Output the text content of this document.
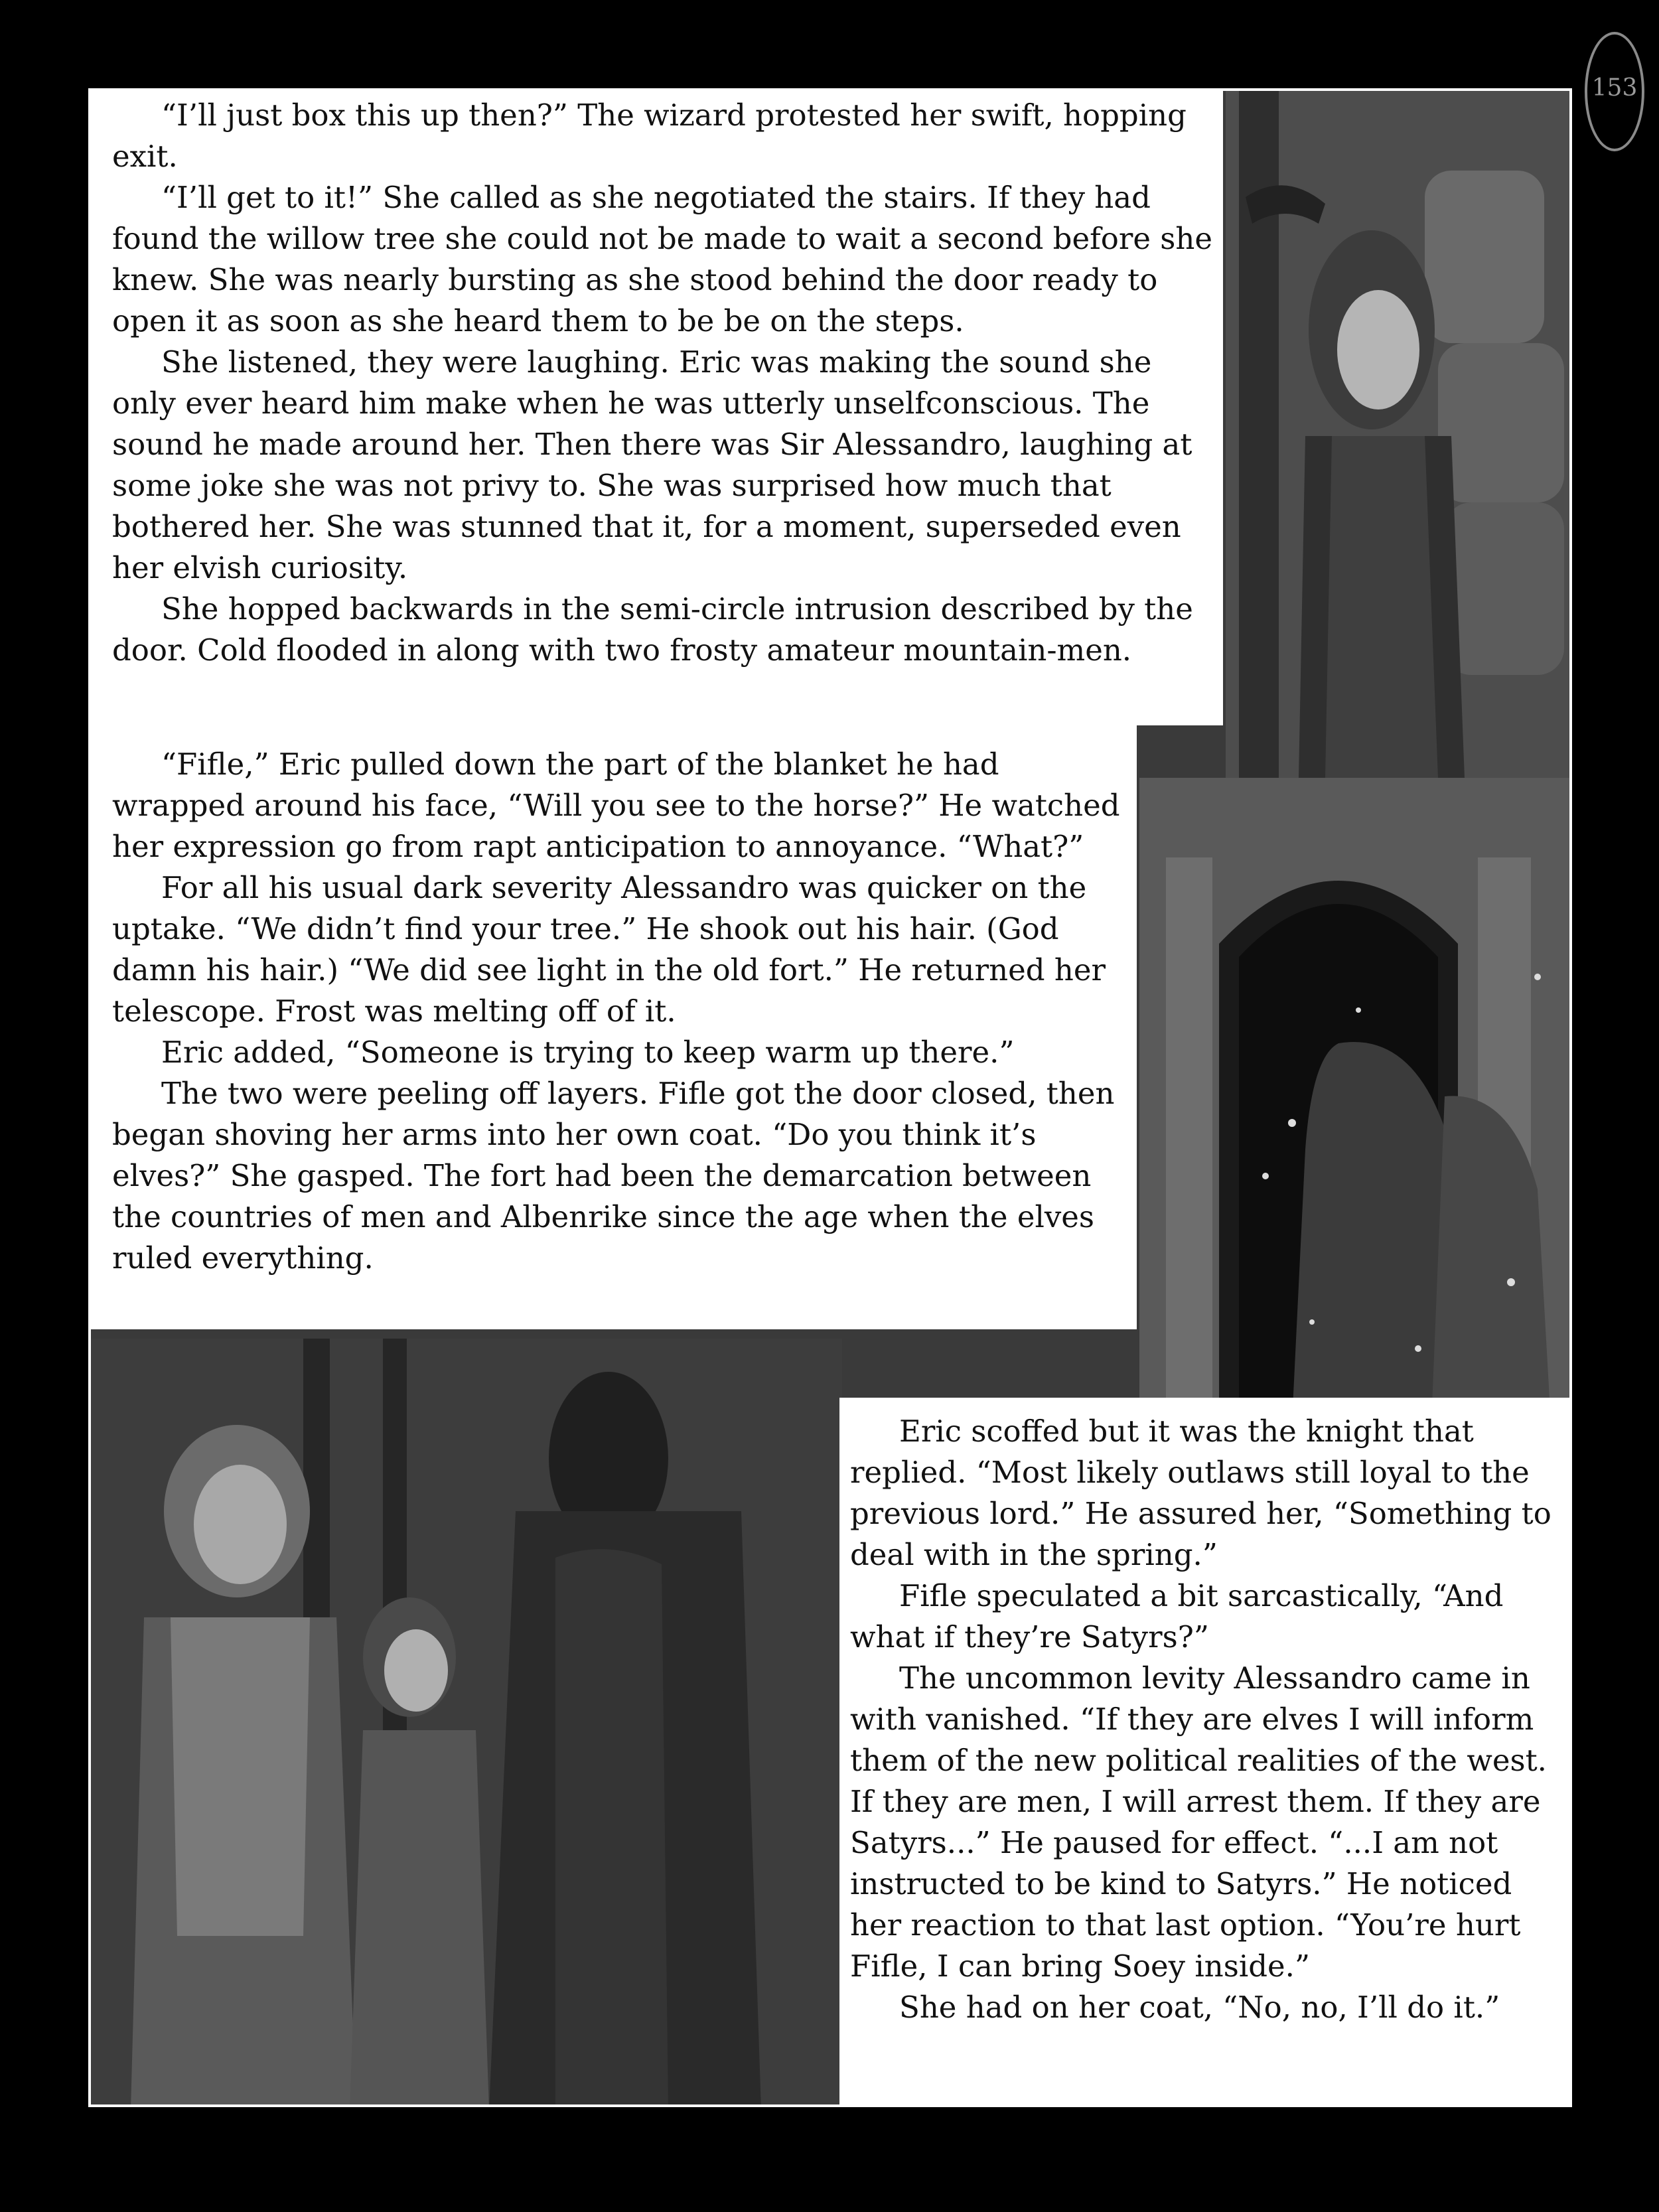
153

“I’ll just box this up then?” The wizard protested her swift, hopping exit.

“I’ll get to it!” She called as she negotiated the stairs. If they had found the willow tree she could not be made to wait a second before she knew. She was nearly bursting as she stood behind the door ready to open it as soon as she heard them to be be on the steps.

She listened, they were laughing. Eric was making the sound she only ever heard him make when he was utterly unselfconscious. The sound he made around her. Then there was Sir Alessandro, laughing at some joke she was not privy to. She was surprised how much that bothered her. She was stunned that it, for a moment, superseded even her elvish curiosity.

She hopped backwards in the semi-circle intrusion described by the door. Cold flooded in along with two frosty amateur mountain-men.

“Fifle,” Eric pulled down the part of the blanket he had wrapped around his face, “Will you see to the horse?” He watched her expression go from rapt anticipation to annoyance. “What?”

For all his usual dark severity Alessandro was quicker on the uptake. “We didn’t find your tree.” He shook out his hair. (God damn his hair.) “We did see light in the old fort.” He returned her telescope. Frost was melting off of it.

Eric added, “Someone is trying to keep warm up there.”

The two were peeling off layers. Fifle got the door closed, then began shoving her arms into her own coat. “Do you think it’s elves?” She gasped. The fort had been the demarcation between the countries of men and Albenrike since the age when the elves ruled everything.

Eric scoffed but it was the knight that replied. “Most likely outlaws still loyal to the previous lord.” He assured her, “Something to deal with in the spring.”

Fifle speculated a bit sarcastically, “And what if they’re Satyrs?”

The uncommon levity Alessandro came in with vanished. “If they are elves I will inform them of the new political realities of the west. If they are men, I will arrest them. If they are Satyrs...” He paused for effect. “...I am not instructed to be kind to Satyrs.” He noticed her reaction to that last option. “You’re hurt Fifle, I can bring Soey inside.”

She had on her coat, “No, no, I’ll do it.”
